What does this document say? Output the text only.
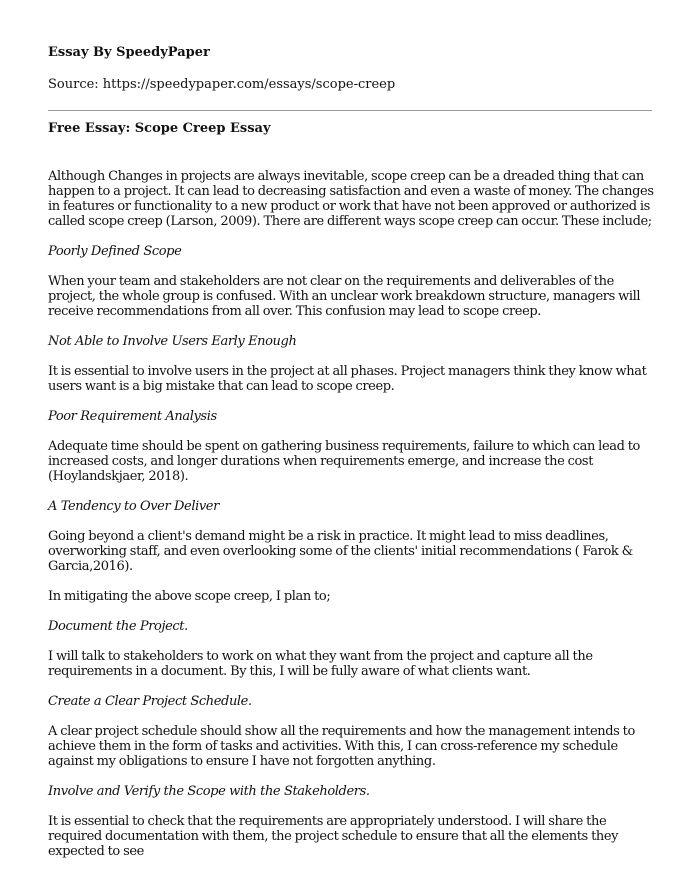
Essay By SpeedyPaper

Source: https://speedypaper.com/essays/scope-creep

Free Essay: Scope Creep Essay

Although Changes in projects are always inevitable, scope creep can be a dreaded thing that can happen to a project. It can lead to decreasing satisfaction and even a waste of money. The changes in features or functionality to a new product or work that have not been approved or authorized is called scope creep (Larson, 2009). There are different ways scope creep can occur. These include;

Poorly Defined Scope

When your team and stakeholders are not clear on the requirements and deliverables of the project, the whole group is confused. With an unclear work breakdown structure, managers will receive recommendations from all over. This confusion may lead to scope creep.

Not Able to Involve Users Early Enough

It is essential to involve users in the project at all phases. Project managers think they know what users want is a big mistake that can lead to scope creep.

Poor Requirement Analysis

Adequate time should be spent on gathering business requirements, failure to which can lead to increased costs, and longer durations when requirements emerge, and increase the cost (Hoylandskjaer, 2018).

A Tendency to Over Deliver

Going beyond a client's demand might be a risk in practice. It might lead to miss deadlines, overworking staff, and even overlooking some of the clients' initial recommendations ( Farok & Garcia,2016).

In mitigating the above scope creep, I plan to;

Document the Project.

I will talk to stakeholders to work on what they want from the project and capture all the requirements in a document. By this, I will be fully aware of what clients want.

Create a Clear Project Schedule.

A clear project schedule should show all the requirements and how the management intends to achieve them in the form of tasks and activities. With this, I can cross-reference my schedule against my obligations to ensure I have not forgotten anything.

Involve and Verify the Scope with the Stakeholders.

It is essential to check that the requirements are appropriately understood. I will share the required documentation with them, the project schedule to ensure that all the elements they expected to see
